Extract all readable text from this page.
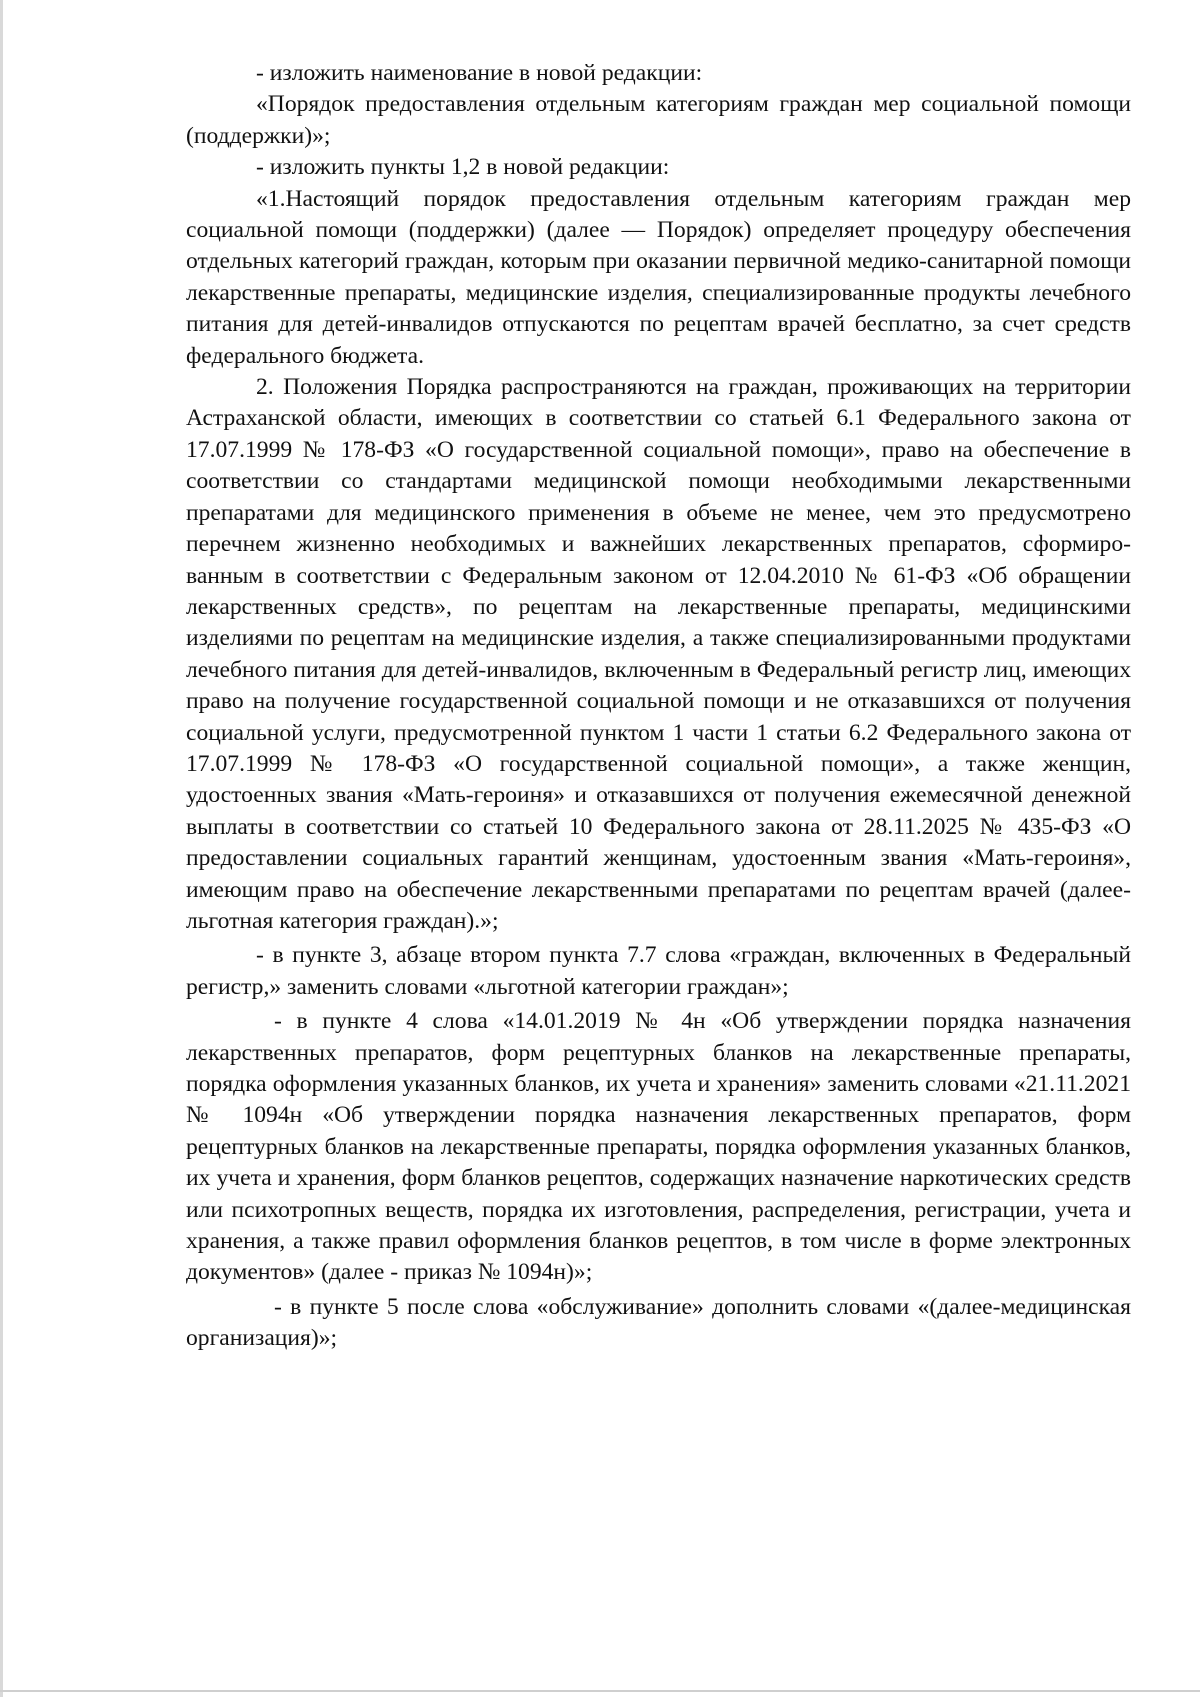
- изложить наименование в новой редакции:

«Порядок предоставления отдельным категориям граждан мер социальной помощи (поддержки)»;

- изложить пункты 1,2 в новой редакции:

«1.Настоящий порядок предоставления отдельным категориям граждан мер социальной помощи (поддержки) (далее — Порядок) определяет процедуру обеспечения отдельных категорий граждан, которым при оказании первичной медико-санитарной помощи лекарственные препараты, медицинские изделия, специализированные продукты лечебного питания для детей-инвалидов отпускаются по рецептам врачей бесплатно, за счет средств федерального бюджета.

2. Положения Порядка распространяются на граждан, проживающих на территории Астраханской области, имеющих в соответствии со статьей 6.1 Федерального закона от 17.07.1999 № 178-ФЗ «О государственной социальной помощи», право на обеспечение в соответствии со стандартами медицинской помощи необходимыми лекарственными препаратами для медицинского применения в объеме не менее, чем это предусмотрено перечнем жизненно необходимых и важнейших лекарственных препаратов, сформированным в соответствии с Федеральным законом от 12.04.2010 № 61-ФЗ «Об обращении лекарственных средств», по рецептам на лекарственные препараты, медицинскими изделиями по рецептам на медицинские изделия, а также специализированными продуктами лечебного питания для детей-инвалидов, включенным в Федеральный регистр лиц, имеющих право на получение государственной социальной помощи и не отказавшихся от получения социальной услуги, предусмотренной пунктом 1 части 1 статьи 6.2 Федерального закона от 17.07.1999 № 178-ФЗ «О государственной социальной помощи», а также женщин, удостоенных звания «Мать-героиня» и отказавшихся от получения ежемесячной денежной выплаты в соответствии со статьей 10 Федерального закона от 28.11.2025 № 435-ФЗ «О предоставлении социальных гарантий женщинам, удостоенным звания «Мать-героиня», имеющим право на обеспечение лекарственными препаратами по рецептам врачей (далее-льготная категория граждан).»;

- в пункте 3, абзаце втором пункта 7.7 слова «граждан, включенных в Федеральный регистр,» заменить словами «льготной категории граждан»;

- в пункте 4 слова «14.01.2019 № 4н «Об утверждении порядка назначения лекарственных препаратов, форм рецептурных бланков на лекарственные препараты, порядка оформления указанных бланков, их учета и хранения» заменить словами «21.11.2021 № 1094н «Об утверждении порядка назначения лекарственных препаратов, форм рецептурных бланков на лекарственные препараты, порядка оформления указанных бланков, их учета и хранения, форм бланков рецептов, содержащих назначение наркотических средств или психотропных веществ, порядка их изготовления, распределения, регистрации, учета и хранения, а также правил оформления бланков рецептов, в том числе в форме электронных документов» (далее - приказ № 1094н)»;

- в пункте 5 после слова «обслуживание» дополнить словами «(далее-медицинская организация)»;
